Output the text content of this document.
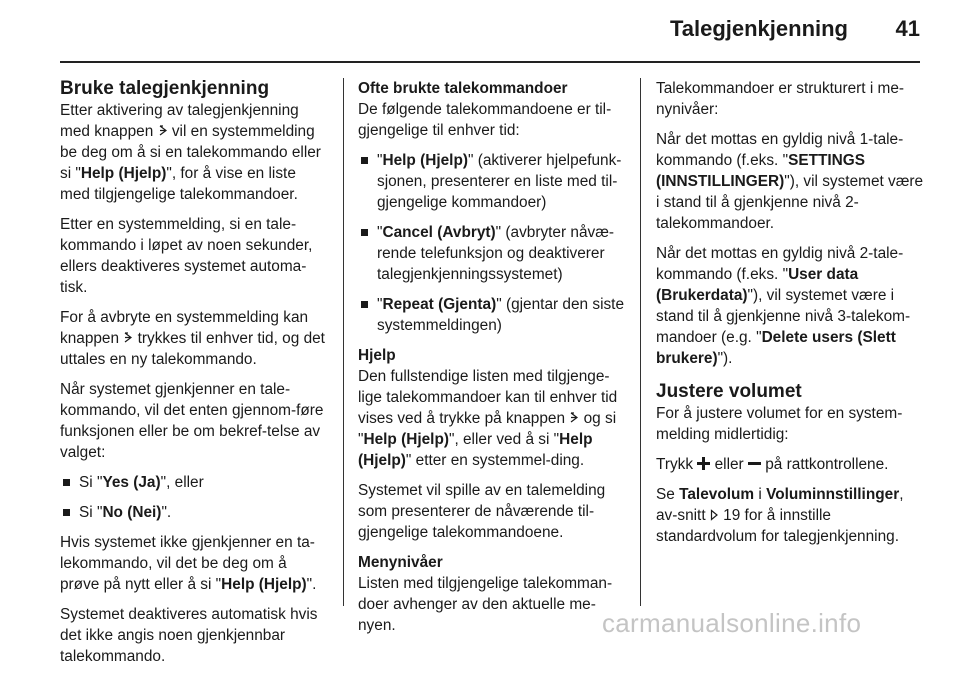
Talegjenkjenning 41
Bruke talegjenkjenning

Etter aktivering av talegjenkjenning med knappen  vil en systemmelding be deg om å si en talekommando eller si "Help (Hjelp)", for å vise en liste med tilgjengelige talekommandoer.

Etter en systemmelding, si en tale-kommando i løpet av noen sekunder, ellers deaktiveres systemet automa-tisk.

For å avbryte en systemmelding kan knappen  trykkes til enhver tid, og det uttales en ny talekommando.

Når systemet gjenkjenner en tale-kommando, vil det enten gjennom-føre funksjonen eller be om bekref-telse av valget:

Si "Yes (Ja)", eller
Si "No (Nei)".

Hvis systemet ikke gjenkjenner en ta-lekommando, vil det be deg om å prøve på nytt eller å si "Help (Hjelp)".

Systemet deaktiveres automatisk hvis det ikke angis noen gjenkjennbar talekommando.

Ofte brukte talekommandoer

De følgende talekommandoene er til-gjengelige til enhver tid:

"Help (Hjelp)" (aktiverer hjelpefunk-sjonen, presenterer en liste med til-gjengelige kommandoer)
"Cancel (Avbryt)" (avbryter nåvæ-rende telefunksjon og deaktiverer talegjenkjenningssystemet)
"Repeat (Gjenta)" (gjentar den siste systemmeldingen)
Hjelp

Den fullstendige listen med tilgjenge-lige talekommandoer kan til enhver tid vises ved å trykke på knappen  og si "Help (Hjelp)", eller ved å si "Help (Hjelp)" etter en systemmel-ding.

Systemet vil spille av en talemelding som presenterer de nåværende til-gjengelige talekommandoene.

Menynivåer

Listen med tilgjengelige talekomman-doer avhenger av den aktuelle me-nyen.

Talekommandoer er strukturert i me-nynivåer:

Når det mottas en gyldig nivå 1-tale-kommando (f.eks. "SETTINGS (INNSTILLINGER)"), vil systemet være i stand til å gjenkjenne nivå 2-talekommandoer.

Når det mottas en gyldig nivå 2-tale-kommando (f.eks. "User data (Brukerdata)"), vil systemet være i stand til å gjenkjenne nivå 3-talekom-mandoer (e.g. "Delete users (Slett brukere)").

Justere volumet

For å justere volumet for en system-melding midlertidig:

Trykk  eller  på rattkontrollene.

Se Talevolum i Voluminnstillinger, av-snitt  19 for å innstille standardvolum for talegjenkjenning.

carmanualsonline.info
